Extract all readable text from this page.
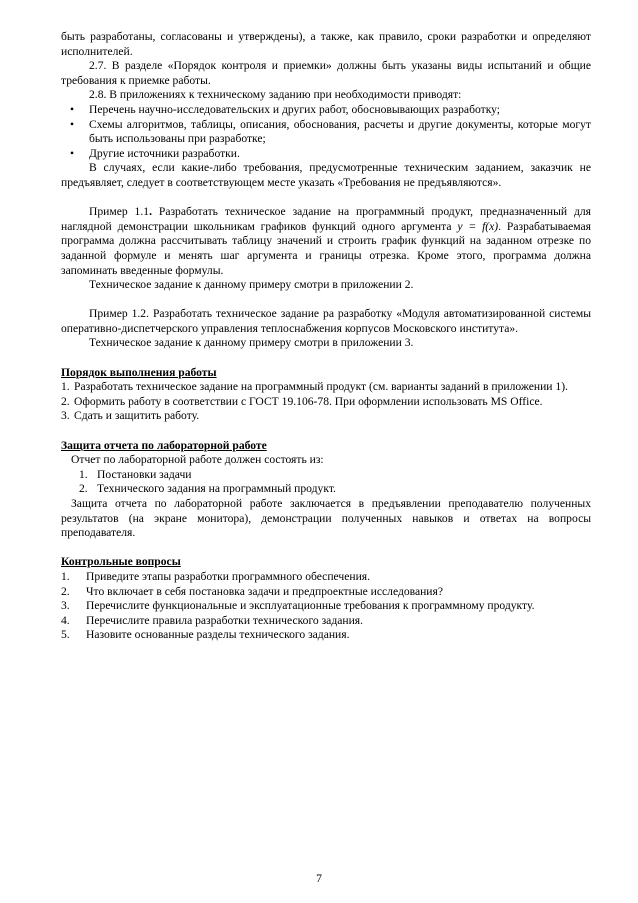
быть разработаны, согласованы и утверждены), а также, как правило, сроки разработки и определяют исполнителей.

2.7. В разделе «Порядок контроля и приемки» должны быть указаны виды испытаний и общие требования к приемке работы.

2.8. В приложениях к техническому заданию при необходимости приводят:

• Перечень научно-исследовательских и других работ, обосновывающих разработку;
• Схемы алгоритмов, таблицы, описания, обоснования, расчеты и другие документы, которые могут быть использованы при разработке;
• Другие источники разработки.

В случаях, если какие-либо требования, предусмотренные техническим заданием, заказчик не предъявляет, следует в соответствующем месте указать «Требования не предъявляются».

Пример 1.1. Разработать техническое задание на программный продукт, предназначенный для наглядной демонстрации школьникам графиков функций одного аргумента y = f(x). Разрабатываемая программа должна рассчитывать таблицу значений и строить график функций на заданном отрезке по заданной формуле и менять шаг аргумента и границы отрезка. Кроме этого, программа должна запоминать введенные формулы.

Техническое задание к данному примеру смотри в приложении 2.

Пример 1.2. Разработать техническое задание ра разработку «Модуля автоматизированной системы оперативно-диспетчерского управления теплоснабжения корпусов Московского института».

Техническое задание к данному примеру смотри в приложении 3.

Порядок выполнения работы

1. Разработать техническое задание на программный продукт (см. варианты заданий в приложении 1).
2. Оформить работу в соответствии с ГОСТ 19.106-78. При оформлении использовать MS Office.
3. Сдать и защитить работу.

Защита отчета по лабораторной работе

Отчет по лабораторной работе должен состоять из:

1. Постановки задачи
2. Технического задания на программный продукт.

Защита отчета по лабораторной работе заключается в предъявлении преподавателю полученных результатов (на экране монитора), демонстрации полученных навыков и ответах на вопросы преподавателя.

Контрольные вопросы

1.	Приведите этапы разработки программного обеспечения.
2.	Что включает в себя постановка задачи и предпроектные исследования?
3.	Перечислите функциональные и эксплуатационные требования к программному продукту.
4.	Перечислите правила разработки технического задания.
5.	Назовите основанные разделы технического задания.
7
